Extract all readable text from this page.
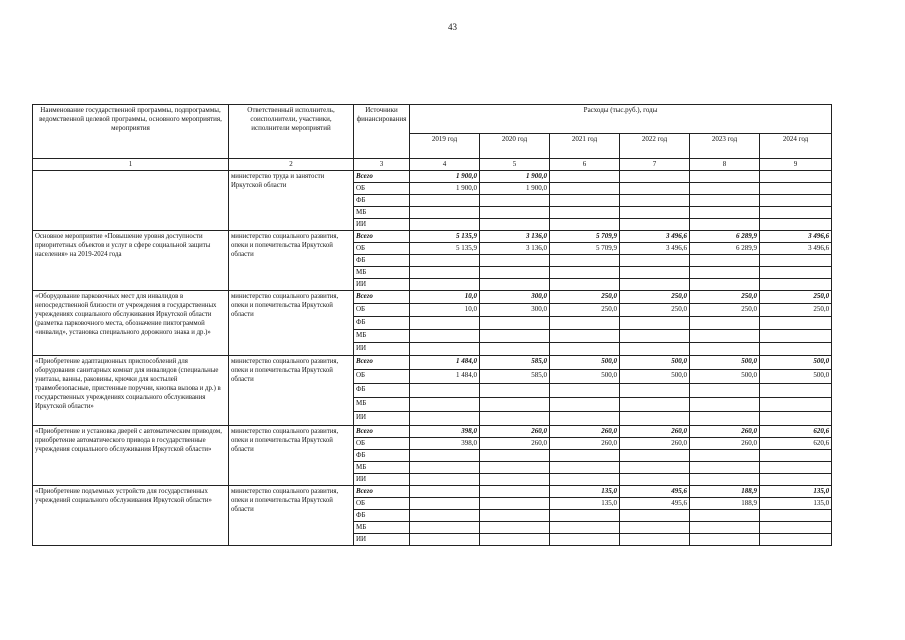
43
Наименование государственной программы, подпрограммы, ведомственной целевой программы, основного мероприятия, мероприятия	Ответственный исполнитель, соисполнители, участники, исполнители мероприятий	Источники финансирования	Расходы (тыс.руб.), годы					
			2019 год	2020 год	2021 год	2022 год	2023 год	2024 год
1	2	3	4	5	6	7	8	9
	министерство труда и занятости Иркутской области	Всего	1 900,0	1 900,0				
		ОБ	1 900,0	1 900,0				
		ФБ						
		МБ						
		ИИ						
Основное мероприятие «Повышение уровня доступности приоритетных объектов и услуг в сфере социальной защиты населения» на 2019-2024 года	министерство социального развития, опеки и попечительства Иркутской области	Всего	5 135,9	3 136,0	5 709,9	3 496,6	6 289,9	3 496,6
		ОБ	5 135,9	3 136,0	5 709,9	3 496,6	6 289,9	3 496,6
		ФБ						
		МБ						
		ИИ						
«Оборудование парковочных мест для инвалидов в непосредственной близости от учреждения в государственных учреждениях социального обслуживания Иркутской области (разметка парковочного места, обозначение пиктограммой «инвалид», установка специального дорожного знака и др.)»	министерство социального развития, опеки и попечительства Иркутской области	Всего	10,0	300,0	250,0	250,0	250,0	250,0
		ОБ	10,0	300,0	250,0	250,0	250,0	250,0
		ФБ						
		МБ						
		ИИ						
«Приобретение адаптационных приспособлений для оборудования санитарных комнат для инвалидов (специальные унитазы, ванны, раковины, крючки для костылей травмобезопасные, пристенные поручни, кнопка вызова и др.) в государственных учреждениях социального обслуживания Иркутской области»	министерство социального развития, опеки и попечительства Иркутской области	Всего	1 484,0	585,0	500,0	500,0	500,0	500,0
		ОБ	1 484,0	585,0	500,0	500,0	500,0	500,0
		ФБ						
		МБ						
		ИИ						
«Приобретение и установка дверей с автоматическим приводом, приобретение автоматического привода в государственные учреждения социального обслуживания Иркутской области»	министерство социального развития, опеки и попечительства Иркутской области	Всего	398,0	260,0	260,0	260,0	260,0	620,6
		ОБ	398,0	260,0	260,0	260,0	260,0	620,6
		ФБ						
		МБ						
		ИИ						
«Приобретение подъемных устройств для государственных учреждений социального обслуживания Иркутской области»	министерство социального развития, опеки и попечительства Иркутской области	Всего			135,0	495,6	188,9	135,0
		ОБ			135,0	495,6	188,9	135,0
		ФБ						
		МБ						
		ИИ						
